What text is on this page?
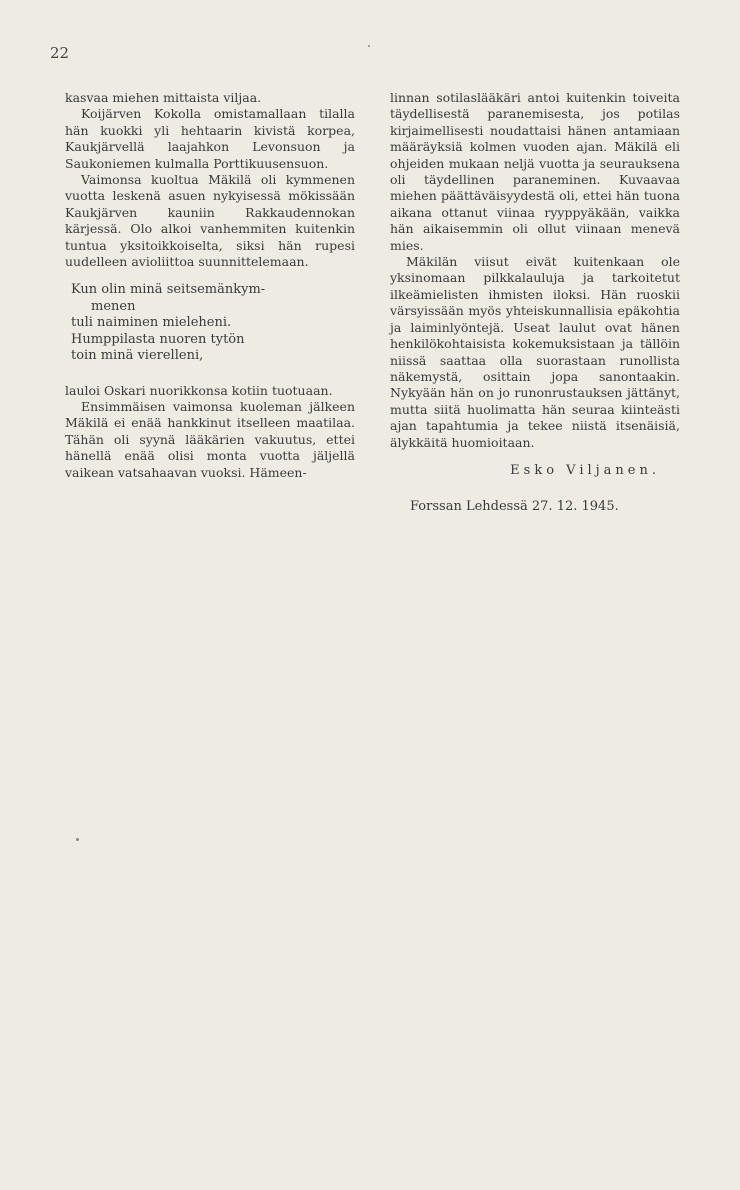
22

kasvaa miehen mittaista viljaa.

Koijärven Kokolla omistamallaan tilalla hän kuokki yli hehtaarin kivistä korpea, Kaukjärvellä laajahkon Levonsuon ja Saukoniemen kulmalla Porttikuusensuon.

Vaimonsa kuoltua Mäkilä oli kymmenen vuotta leskenä asuen nykyisessä mökissään Kaukjärven kauniin Rakkaudennokan kärjessä. Olo alkoi vanhemmiten kuitenkin tuntua yksitoikkoiselta, siksi hän rupesi uudelleen avioliittoa suunnittelemaan.

Kun olin minä seitsemänkym-
menen
tuli naiminen mieleheni.
Humppilasta nuoren tytön
toin minä vierelleni,

lauloi Oskari nuorikkonsa kotiin tuotuaan.

Ensimmäisen vaimonsa kuoleman jälkeen Mäkilä ei enää hankkinut itselleen maatilaa. Tähän oli syynä lääkärien vakuutus, ettei hänellä enää olisi monta vuotta jäljellä vaikean vatsahaavan vuoksi. Hämeen-

linnan sotilaslääkäri antoi kuitenkin toiveita täydellisestä paranemisesta, jos potilas kirjaimellisesti noudattaisi hänen antamiaan määräyksiä kolmen vuoden ajan. Mäkilä eli ohjeiden mukaan neljä vuotta ja seurauksena oli täydellinen paraneminen. Kuvaavaa miehen päättäväisyydestä oli, ettei hän tuona aikana ottanut viinaa ryyppyäkään, vaikka hän aikaisemmin oli ollut viinaan menevä mies.

Mäkilän viisut eivät kuitenkaan ole yksinomaan pilkkalauluja ja tarkoitetut ilkeämielisten ihmisten iloksi. Hän ruoskii värsyissään myös yhteiskunnallisia epäkohtia ja laiminlyöntejä. Useat laulut ovat hänen henkilökohtaisista kokemuksistaan ja tällöin niissä saattaa olla suorastaan runollista näkemystä, osittain jopa sanontaakin. Nykyään hän on jo runonrustauksen jättänyt, mutta siitä huolimatta hän seuraa kiinteästi ajan tapahtumia ja tekee niistä itsenäisiä, älykkäitä huomioitaan.

Esko Viljanen.
Forssan Lehdessä 27. 12. 1945.
